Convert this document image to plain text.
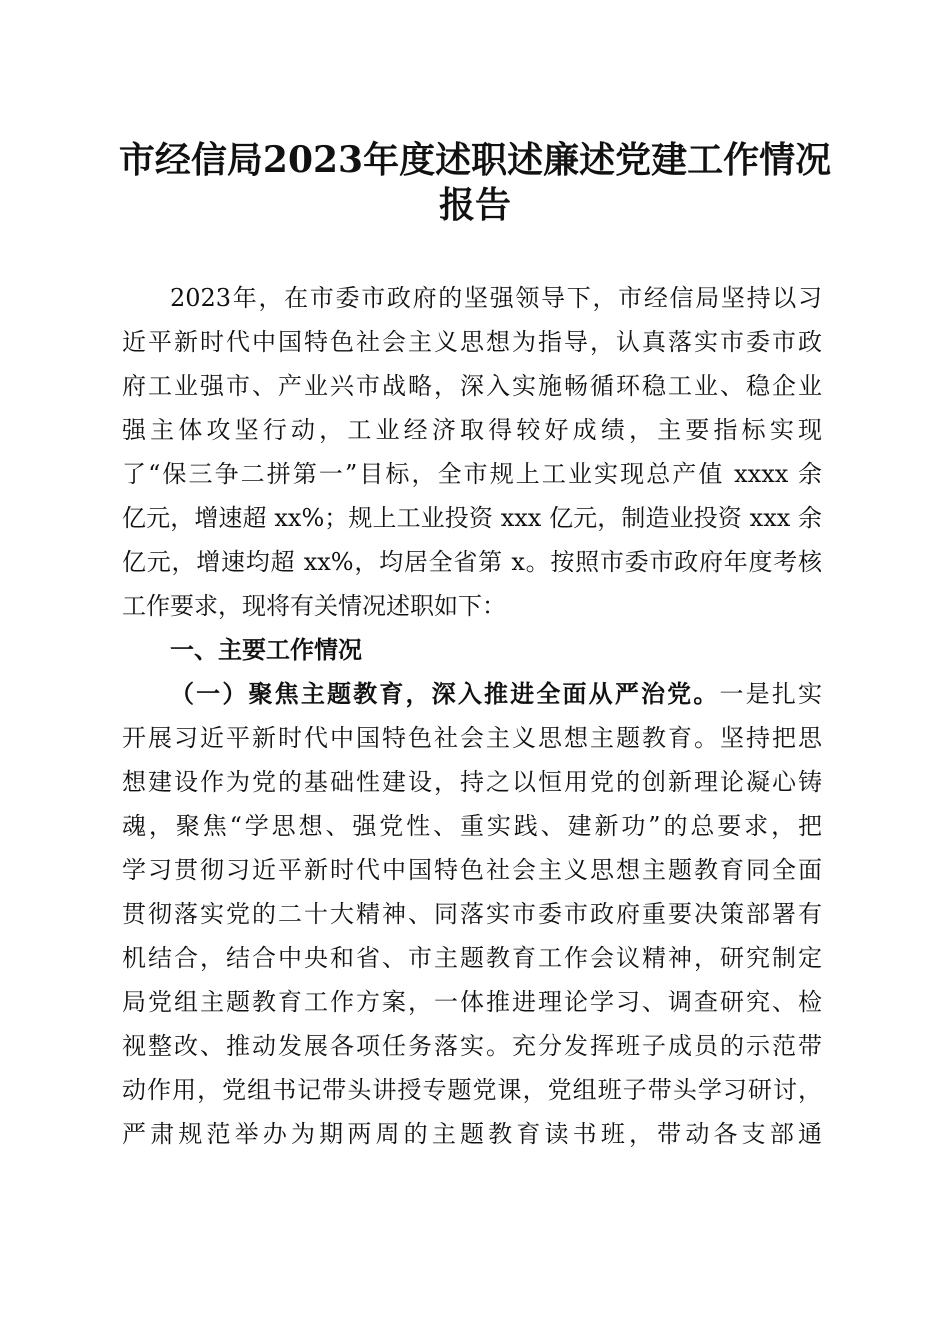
市经信局2023年度述职述廉述党建工作情况
报告
2023年，在市委市政府的坚强领导下，市经信局坚持以习
近平新时代中国特色社会主义思想为指导，认真落实市委市政
府工业强市、产业兴市战略，深入实施畅循环稳工业、稳企业
强主体攻坚行动，工业经济取得较好成绩，主要指标实现
了“保三争二拼第一”目标，全市规上工业实现总产值 xxxx 余
亿元，增速超 xx%；规上工业投资 xxx 亿元，制造业投资 xxx 余
亿元，增速均超 xx%，均居全省第 x。按照市委市政府年度考核
工作要求，现将有关情况述职如下：
一、主要工作情况
（一）聚焦主题教育，深入推进全面从严治党。一是扎实
开展习近平新时代中国特色社会主义思想主题教育。坚持把思
想建设作为党的基础性建设，持之以恒用党的创新理论凝心铸
魂，聚焦“学思想、强党性、重实践、建新功”的总要求，把
学习贯彻习近平新时代中国特色社会主义思想主题教育同全面
贯彻落实党的二十大精神、同落实市委市政府重要决策部署有
机结合，结合中央和省、市主题教育工作会议精神，研究制定
局党组主题教育工作方案，一体推进理论学习、调查研究、检
视整改、推动发展各项任务落实。充分发挥班子成员的示范带
动作用，党组书记带头讲授专题党课，党组班子带头学习研讨，
严肃规范举办为期两周的主题教育读书班，带动各支部通
